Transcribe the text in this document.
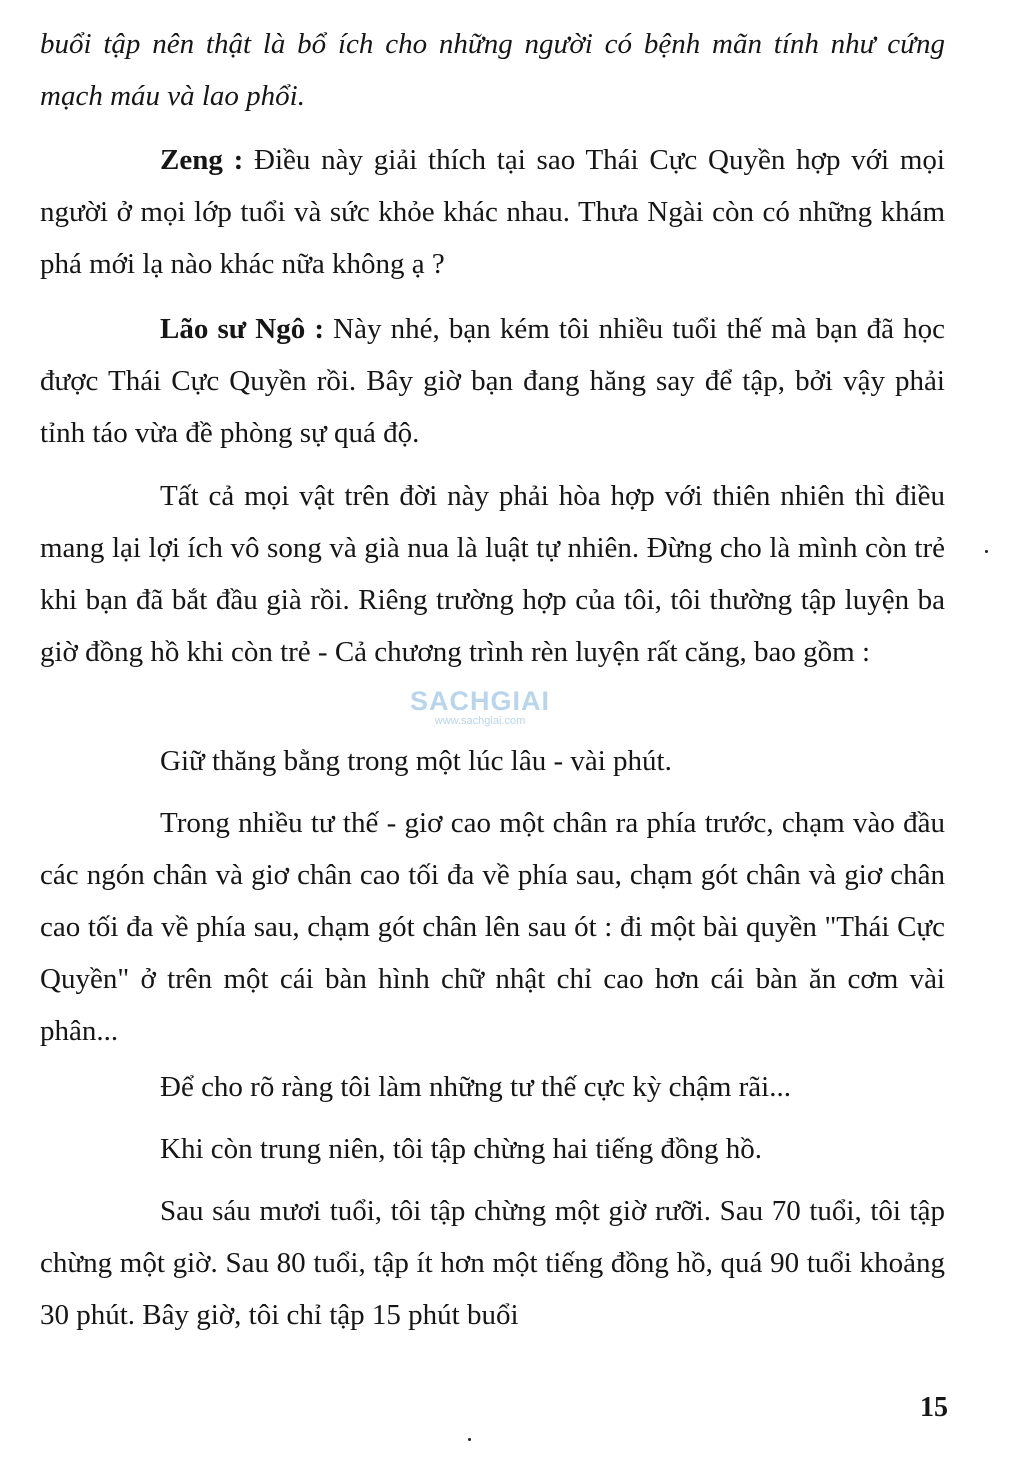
buổi tập nên thật là bổ ích cho những người có bệnh mãn tính như cứng mạch máu và lao phổi.

Zeng : Điều này giải thích tại sao Thái Cực Quyền hợp với mọi người ở mọi lớp tuổi và sức khỏe khác nhau. Thưa Ngài còn có những khám phá mới lạ nào khác nữa không ạ ?

Lão sư Ngô : Này nhé, bạn kém tôi nhiều tuổi thế mà bạn đã học được Thái Cực Quyền rồi. Bây giờ bạn đang hăng say để tập, bởi vậy phải tỉnh táo vừa đề phòng sự quá độ.

Tất cả mọi vật trên đời này phải hòa hợp với thiên nhiên thì điều mang lại lợi ích vô song và già nua là luật tự nhiên. Đừng cho là mình còn trẻ khi bạn đã bắt đầu già rồi. Riêng trường hợp của tôi, tôi thường tập luyện ba giờ đồng hồ khi còn trẻ - Cả chương trình rèn luyện rất căng, bao gồm :

Giữ thăng bằng trong một lúc lâu - vài phút.

Trong nhiều tư thế - giơ cao một chân ra phía trước, chạm vào đầu các ngón chân và giơ chân cao tối đa về phía sau, chạm gót chân và giơ chân cao tối đa về phía sau, chạm gót chân lên sau ót : đi một bài quyền "Thái Cực Quyền" ở trên một cái bàn hình chữ nhật chỉ cao hơn cái bàn ăn cơm vài phân...

Để cho rõ ràng tôi làm những tư thế cực kỳ chậm rãi...

Khi còn trung niên, tôi tập chừng hai tiếng đồng hồ.

Sau sáu mươi tuổi, tôi tập chừng một giờ rưỡi. Sau 70 tuổi, tôi tập chừng một giờ. Sau 80 tuổi, tập ít hơn một tiếng đồng hồ, quá 90 tuổi khoảng 30 phút. Bây giờ, tôi chỉ tập 15 phút buổi

SACHGIAI
www.sachgiai.com
15
